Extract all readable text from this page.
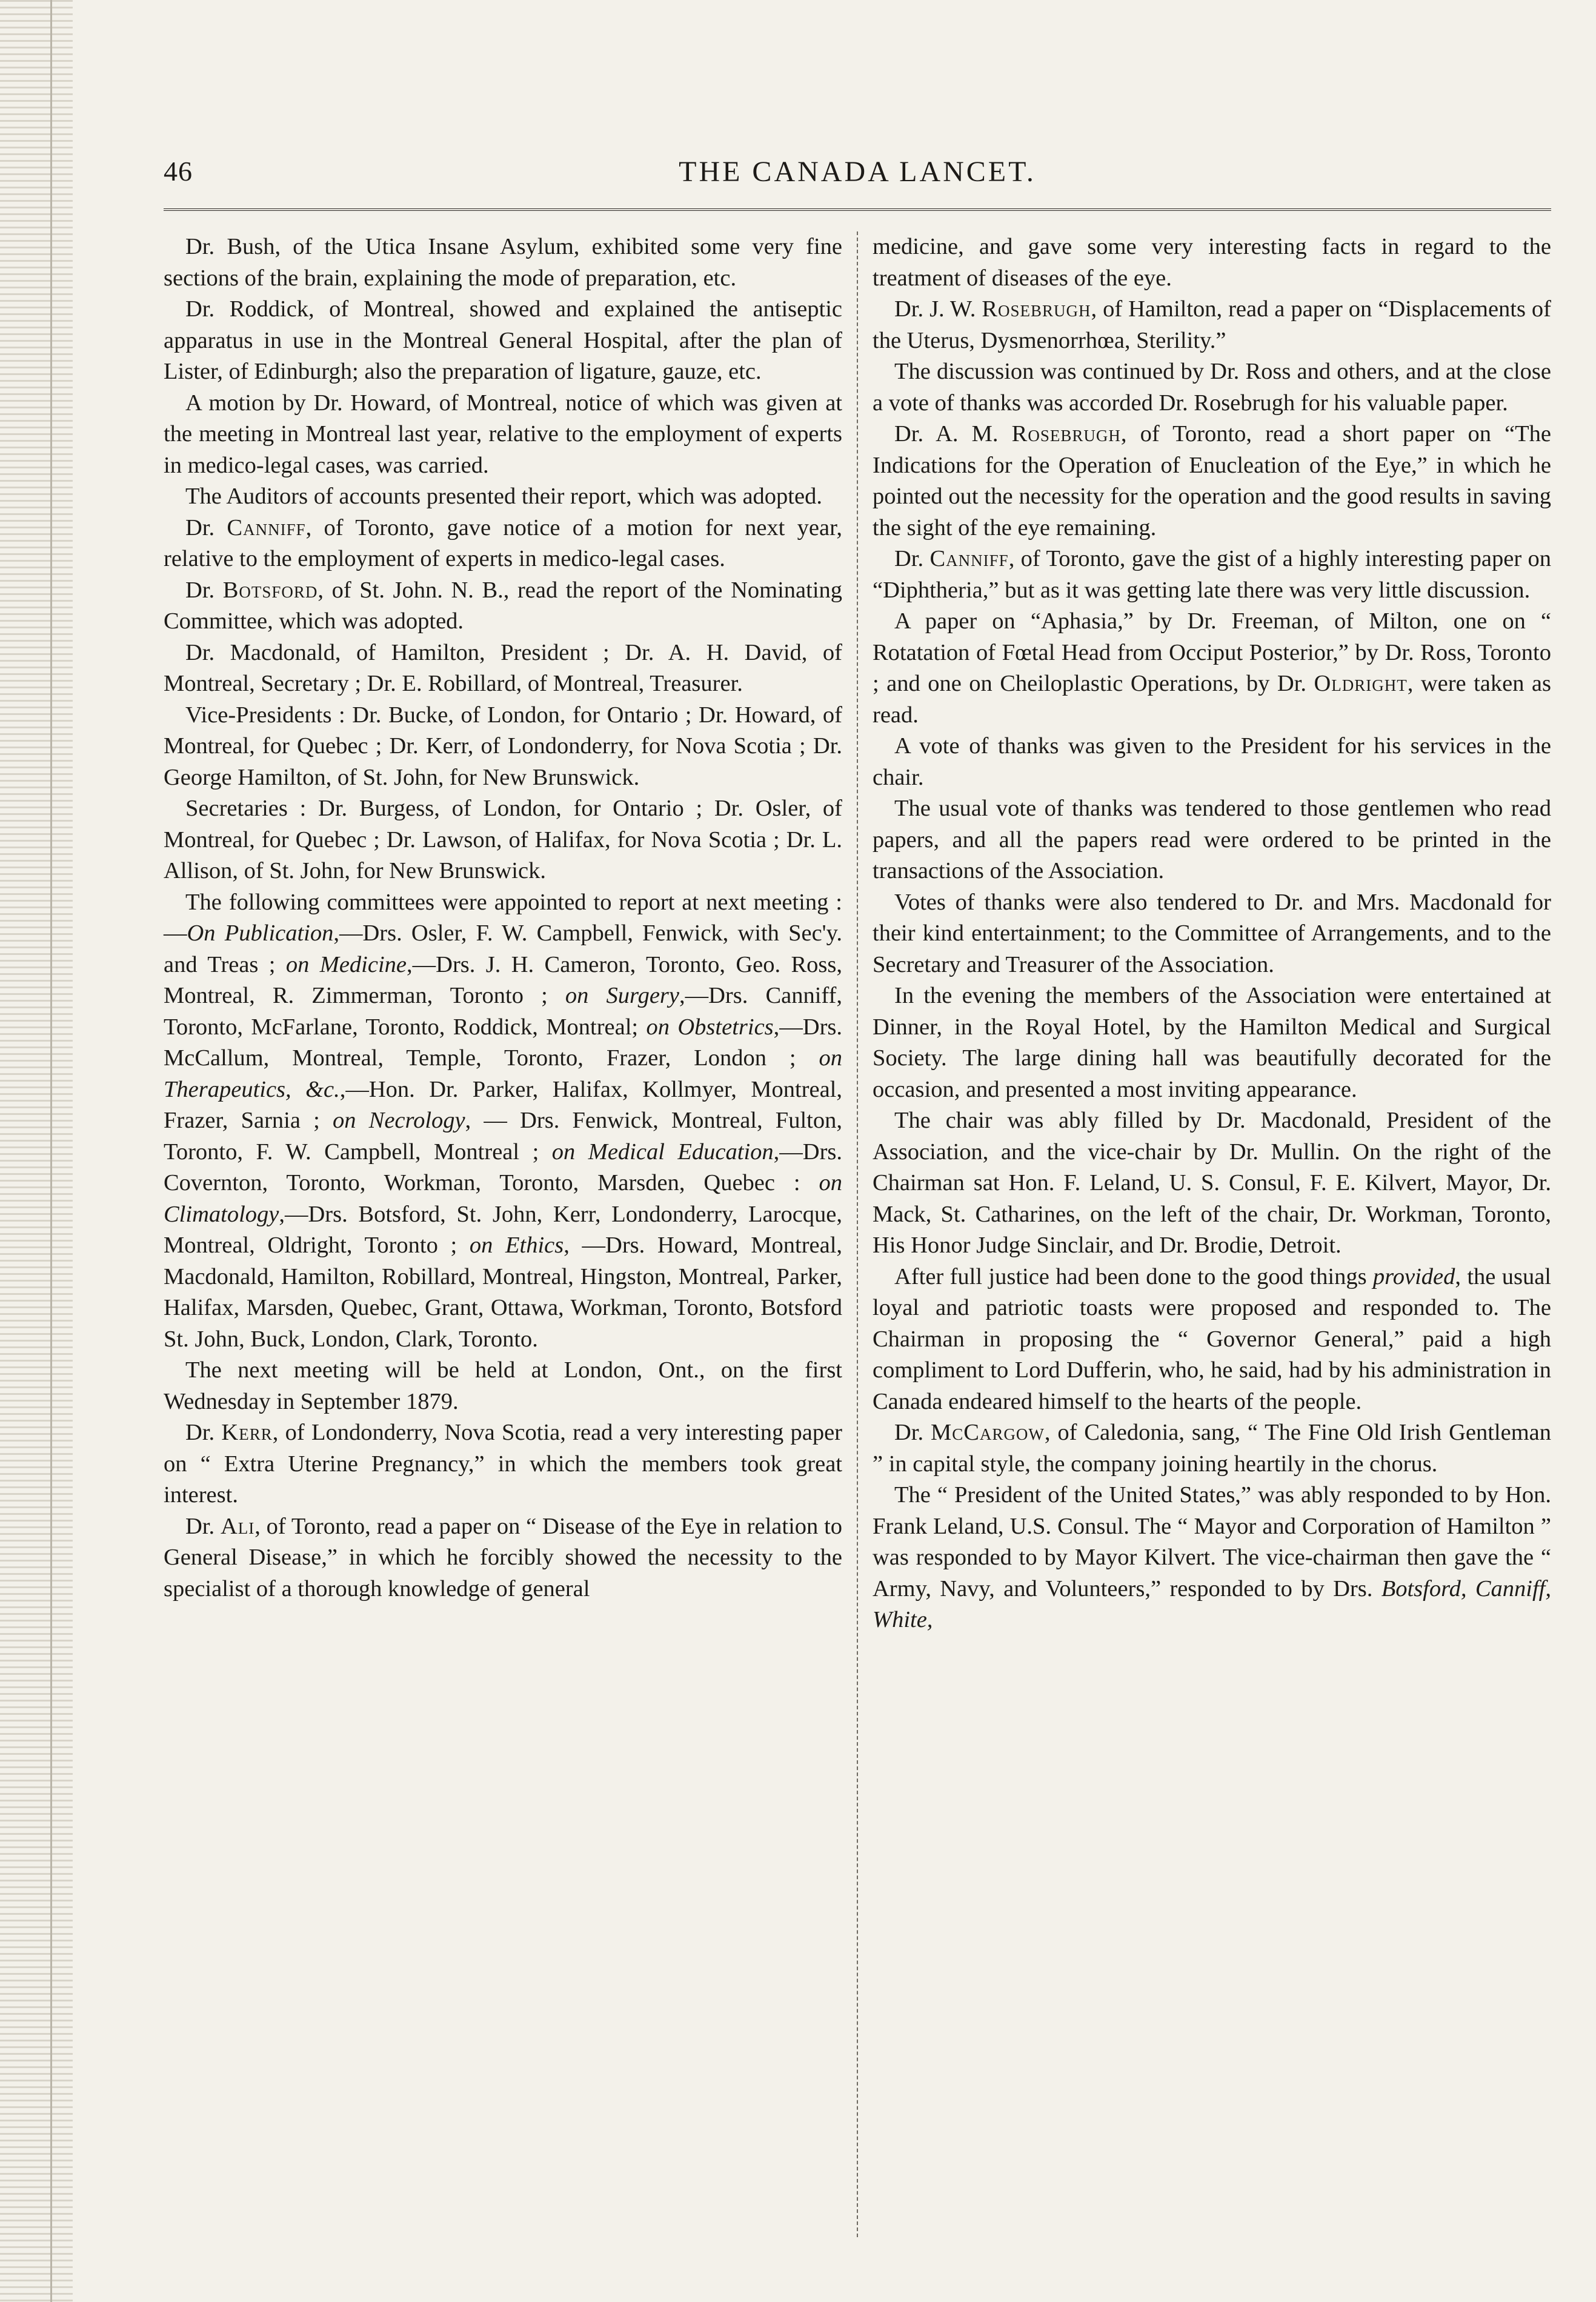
46	THE CANADA LANCET.

Dr. Bush, of the Utica Insane Asylum, exhibited some very fine sections of the brain, explaining the mode of preparation, etc.

Dr. Roddick, of Montreal, showed and explained the antiseptic apparatus in use in the Montreal General Hospital, after the plan of Lister, of Edinburgh; also the preparation of ligature, gauze, etc.

A motion by Dr. Howard, of Montreal, notice of which was given at the meeting in Montreal last year, relative to the employment of experts in medico-legal cases, was carried.

The Auditors of accounts presented their report, which was adopted.

Dr. Canniff, of Toronto, gave notice of a motion for next year, relative to the employment of experts in medico-legal cases.

Dr. Botsford, of St. John. N. B., read the report of the Nominating Committee, which was adopted.

Dr. Macdonald, of Hamilton, President ; Dr. A. H. David, of Montreal, Secretary ; Dr. E. Robillard, of Montreal, Treasurer.

Vice-Presidents : Dr. Bucke, of London, for Ontario ; Dr. Howard, of Montreal, for Quebec ; Dr. Kerr, of Londonderry, for Nova Scotia ; Dr. George Hamilton, of St. John, for New Brunswick.

Secretaries : Dr. Burgess, of London, for Ontario ; Dr. Osler, of Montreal, for Quebec ; Dr. Lawson, of Halifax, for Nova Scotia ; Dr. L. Allison, of St. John, for New Brunswick.

The following committees were appointed to report at next meeting :—On Publication,—Drs. Osler, F. W. Campbell, Fenwick, with Sec'y. and Treas ; on Medicine,—Drs. J. H. Cameron, Toronto, Geo. Ross, Montreal, R. Zimmerman, Toronto ; on Surgery,—Drs. Canniff, Toronto, McFarlane, Toronto, Roddick, Montreal; on Obstetrics,—Drs. McCallum, Montreal, Temple, Toronto, Frazer, London ; on Therapeutics, &c.,—Hon. Dr. Parker, Halifax, Kollmyer, Montreal, Frazer, Sarnia ; on Necrology, — Drs. Fenwick, Montreal, Fulton, Toronto, F. W. Campbell, Montreal ; on Medical Education,—Drs. Covernton, Toronto, Workman, Toronto, Marsden, Quebec : on Climatology,—Drs. Botsford, St. John, Kerr, Londonderry, Larocque, Montreal, Oldright, Toronto ; on Ethics, —Drs. Howard, Montreal, Macdonald, Hamilton, Robillard, Montreal, Hingston, Montreal, Parker, Halifax, Marsden, Quebec, Grant, Ottawa, Workman, Toronto, Botsford St. John, Buck, London, Clark, Toronto.

The next meeting will be held at London, Ont., on the first Wednesday in September 1879.

Dr. Kerr, of Londonderry, Nova Scotia, read a very interesting paper on “ Extra Uterine Pregnancy,” in which the members took great interest.

Dr. Ali, of Toronto, read a paper on “ Disease of the Eye in relation to General Disease,” in which he forcibly showed the necessity to the specialist of a thorough knowledge of general

medicine, and gave some very interesting facts in regard to the treatment of diseases of the eye.

Dr. J. W. Rosebrugh, of Hamilton, read a paper on “Displacements of the Uterus, Dysmenorrhœa, Sterility.”

The discussion was continued by Dr. Ross and others, and at the close a vote of thanks was accorded Dr. Rosebrugh for his valuable paper.

Dr. A. M. Rosebrugh, of Toronto, read a short paper on “The Indications for the Operation of Enucleation of the Eye,” in which he pointed out the necessity for the operation and the good results in saving the sight of the eye remaining.

Dr. Canniff, of Toronto, gave the gist of a highly interesting paper on “Diphtheria,” but as it was getting late there was very little discussion.

A paper on “Aphasia,” by Dr. Freeman, of Milton, one on “ Rotatation of Fœtal Head from Occiput Posterior,” by Dr. Ross, Toronto ; and one on Cheiloplastic Operations, by Dr. Oldright, were taken as read.

A vote of thanks was given to the President for his services in the chair.

The usual vote of thanks was tendered to those gentlemen who read papers, and all the papers read were ordered to be printed in the transactions of the Association.

Votes of thanks were also tendered to Dr. and Mrs. Macdonald for their kind entertainment; to the Committee of Arrangements, and to the Secretary and Treasurer of the Association.

In the evening the members of the Association were entertained at Dinner, in the Royal Hotel, by the Hamilton Medical and Surgical Society. The large dining hall was beautifully decorated for the occasion, and presented a most inviting appearance.

The chair was ably filled by Dr. Macdonald, President of the Association, and the vice-chair by Dr. Mullin. On the right of the Chairman sat Hon. F. Leland, U. S. Consul, F. E. Kilvert, Mayor, Dr. Mack, St. Catharines, on the left of the chair, Dr. Workman, Toronto, His Honor Judge Sinclair, and Dr. Brodie, Detroit.

After full justice had been done to the good things provided, the usual loyal and patriotic toasts were proposed and responded to. The Chairman in proposing the “ Governor General,” paid a high compliment to Lord Dufferin, who, he said, had by his administration in Canada endeared himself to the hearts of the people.

Dr. McCargow, of Caledonia, sang, “ The Fine Old Irish Gentleman ” in capital style, the company joining heartily in the chorus.

The “ President of the United States,” was ably responded to by Hon. Frank Leland, U.S. Consul. The “ Mayor and Corporation of Hamilton ” was responded to by Mayor Kilvert. The vice-chairman then gave the “ Army, Navy, and Volunteers,” responded to by Drs. Botsford, Canniff, White,
